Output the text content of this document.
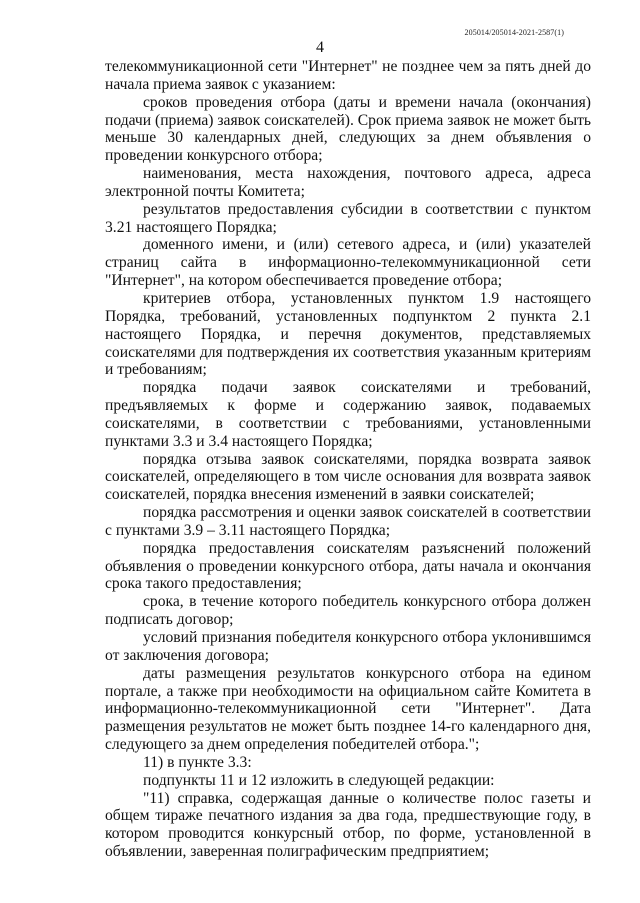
205014/205014-2021-2587(1)
4

телекоммуникационной сети "Интернет" не позднее чем за пять дней до начала приема заявок с указанием:

сроков проведения отбора (даты и времени начала (окончания) подачи (приема) заявок соискателей). Срок приема заявок не может быть меньше 30 календарных дней, следующих за днем объявления о проведении конкурсного отбора;

наименования, места нахождения, почтового адреса, адреса электронной почты Комитета;

результатов предоставления субсидии в соответствии с пунктом 3.21 настоящего Порядка;

доменного имени, и (или) сетевого адреса, и (или) указателей страниц сайта в информационно-телекоммуникационной сети "Интернет", на котором обеспечивается проведение отбора;

критериев отбора, установленных пунктом 1.9 настоящего Порядка, требований, установленных подпунктом 2 пункта 2.1 настоящего Порядка, и перечня документов, представляемых соискателями для подтверждения их соответствия указанным критериям и требованиям;

порядка подачи заявок соискателями и требований, предъявляемых к форме и содержанию заявок, подаваемых соискателями, в соответствии с требованиями, установленными пунктами 3.3 и 3.4 настоящего Порядка;

порядка отзыва заявок соискателями, порядка возврата заявок соискателей, определяющего в том числе основания для возврата заявок соискателей, порядка внесения изменений в заявки соискателей;

порядка рассмотрения и оценки заявок соискателей в соответствии с пунктами 3.9 – 3.11 настоящего Порядка;

порядка предоставления соискателям разъяснений положений объявления о проведении конкурсного отбора, даты начала и окончания срока такого предоставления;

срока, в течение которого победитель конкурсного отбора должен подписать договор;

условий признания победителя конкурсного отбора уклонившимся от заключения договора;

даты размещения результатов конкурсного отбора на едином портале, а также при необходимости на официальном сайте Комитета в информационно-телекоммуникационной сети "Интернет". Дата размещения результатов не может быть позднее 14-го календарного дня, следующего за днем определения победителей отбора.";

11) в пункте 3.3:

подпункты 11 и 12 изложить в следующей редакции:

"11) справка, содержащая данные о количестве полос газеты и общем тираже печатного издания за два года, предшествующие году, в котором проводится конкурсный отбор, по форме, установленной в объявлении, заверенная полиграфическим предприятием;
